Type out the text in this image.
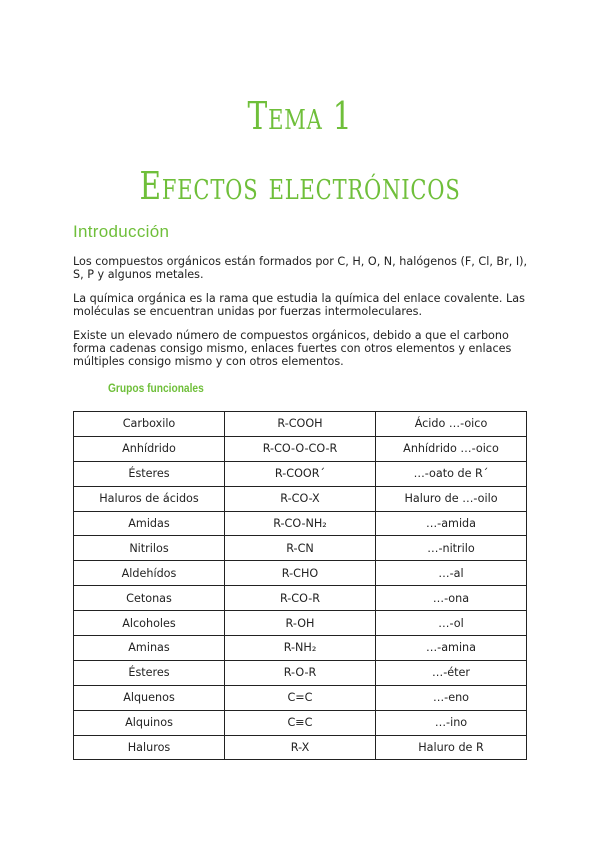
Tema 1
Efectos electrónicos
Introducción

Los compuestos orgánicos están formados por C, H, O, N, halógenos (F, Cl, Br, I), S, P y algunos metales.

La química orgánica es la rama que estudia la química del enlace covalente. Las moléculas se encuentran unidas por fuerzas intermoleculares.

Existe un elevado número de compuestos orgánicos, debido a que el carbono forma cadenas consigo mismo, enlaces fuertes con otros elementos y enlaces múltiples consigo mismo y con otros elementos.

Grupos funcionales
Carboxilo	R-COOH	Ácido …-oico
Anhídrido	R-CO-O-CO-R	Anhídrido …-oico
Ésteres	R-COOR´	…-oato de R´
Haluros de ácidos	R-CO-X	Haluro de …-oilo
Amidas	R-CO-NH₂	…-amida
Nitrilos	R-CN	…-nitrilo
Aldehídos	R-CHO	…-al
Cetonas	R-CO-R	…-ona
Alcoholes	R-OH	…-ol
Aminas	R-NH₂	…-amina
Ésteres	R-O-R	…-éter
Alquenos	C=C	…-eno
Alquinos	C≡C	…-ino
Haluros	R-X	Haluro de R
